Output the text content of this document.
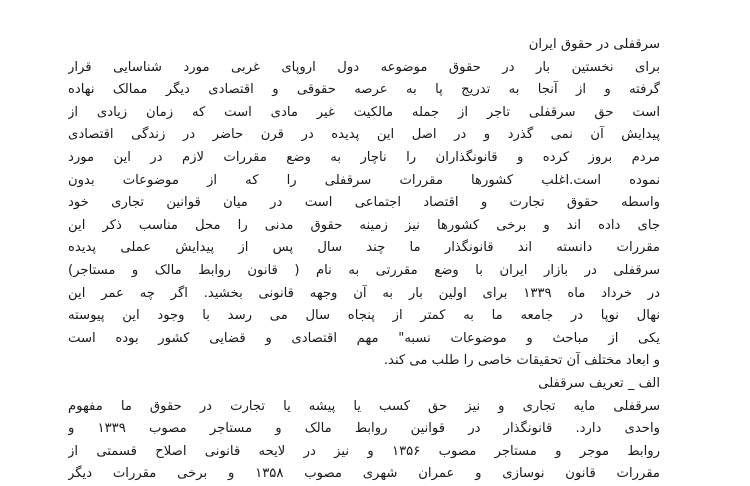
سرقفلی در حقوق ایران
برای نخستین بار در حقوق موضوعه دول اروپای غربی مورد شناسایی قرار
گرفته و از آنجا به تدریج پا به عرصه حقوقی و اقتصادی دیگر ممالک نهاده
است حق سرقفلی تاجر از جمله مالکیت غیر مادی است که زمان زیادی از
پیدایش آن نمی گذرد و در اصل این پدیده در قرن حاضر در زندگی اقتصادی
مردم بروز کرده و قانونگذاران را ناچار به وضع مقررات لازم در این مورد
نموده است.اغلب کشورها مقررات سرقفلی را که از موضوعات بدون
واسطه حقوق تجارت و اقتصاد اجتماعی است در میان قوانین تجاری خود
جای داده اند و برخی کشورها نیز زمینه حقوق مدنی را محل مناسب ذکر این
مقررات دانسته اند قانونگذار ما چند سال پس از پیدایش عملی پدیده
سرقفلی در بازار ایران با وضع مقررتی به نام ( قانون روابط مالک و مستاجر)
در خرداد ماه ۱۳۳۹ برای اولین بار به آن وجهه قانونی بخشید. اگر چه عمر این
نهال نوپا در جامعه ما به کمتر از پنجاه سال می رسد با وجود این پیوسته
یکی از مباحث و موضوعات نسبه" مهم اقتصادی و قضایی کشور بوده است
و ابعاد مختلف آن تحقیقات خاصی را طلب می کند.
الف _ تعریف سرقفلی
سرقفلی مایه تجاری و نیز حق کسب یا پیشه یا تجارت در حقوق ما مفهوم
واحدی دارد. قانونگذار در قوانین روابط مالک و مستاجر مصوب ۱۳۳۹ و
روابط موجر و مستاجر مصوب ۱۳۵۶ و نیز در لایحه قانونی اصلاح قسمتی از
مقررات قانون نوسازی و عمران شهری مصوب ۱۳۵۸ و برخی مقررات دیگر
